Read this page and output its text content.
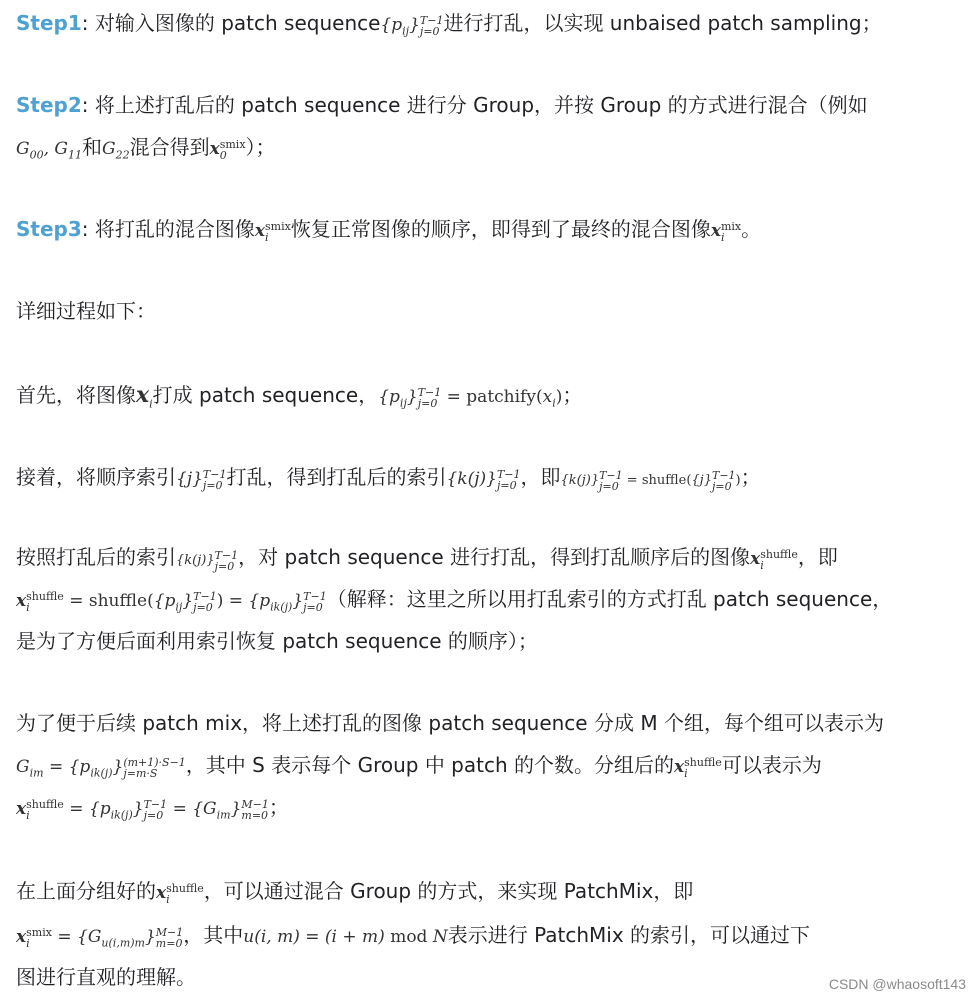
Step1: 对输入图像的 patch $sequence\{p_{ij}\}$ T−1
j=0 进行打乱，以实现 unbaised patch sampling；

Step2: 将上述打乱后的 patch sequence 进行分 Group，并按 Group 的方式进行混合（例如

$G_{00}$, $G_{11}$和$G_{22}$混合得到x smix
0 ）；

Step3: 将打乱的混合图像x smix
i	恢复正常图像的顺序，即得到了最终的混合图像x mix
i 。

详细过程如下：

首先，将图像$x_i$打成 patch sequence，$\{p_{ij}\}$ T−1
$j=0 = patchify(x_i)$；

接着，将顺序索引{j} T−1
j=0 打乱，得到打乱后的索引{k(j)} T−1
j=0 ，即{k(j)} T−1
j=0 = shuffle({j} T−1
j=0 )；

按照打乱后的索引{k(j)} T−1
j=0 ，对 patch sequence 进行打乱，得到打乱顺序后的图像x shuffle
i	，即

x shuffle
i	= $shuffle(\{p_{ij}\}$ T−1
j=0 ) = $\{p_{ik(j)}\}$ T−1
j=0 （解释：这里之所以用打乱索引的方式打乱 patch sequence，

是为了方便后面利用索引恢复 patch sequence 的顺序）；

为了便于后续 patch mix，将上述打乱的图像 patch sequence 分成 M 个组，每个组可以表示为

$G_{im} = \{p_{ik(j)}\}$ (m+1)·S−1
j=m·S	，其中 S 表示每个 Group 中 patch 的个数。分组后的x shuffle
i	可以表示为

x shuffle
i	= $\{p_{ik(j)}\}$ T−1
$j=0 = \{G_{im}\}$ M−1
m=0 ；

在上面分组好的x shuffle
i	，可以通过混合 Group 的方式，来实现 PatchMix，即

x smix
i	= $\{G_{u(i,m)m}\}$ M−1
m=0 ，其中u(i, m) = (i + m) mod N表示进行 PatchMix 的索引，可以通过下

图进行直观的理解。	CSDN @whaosoft143
